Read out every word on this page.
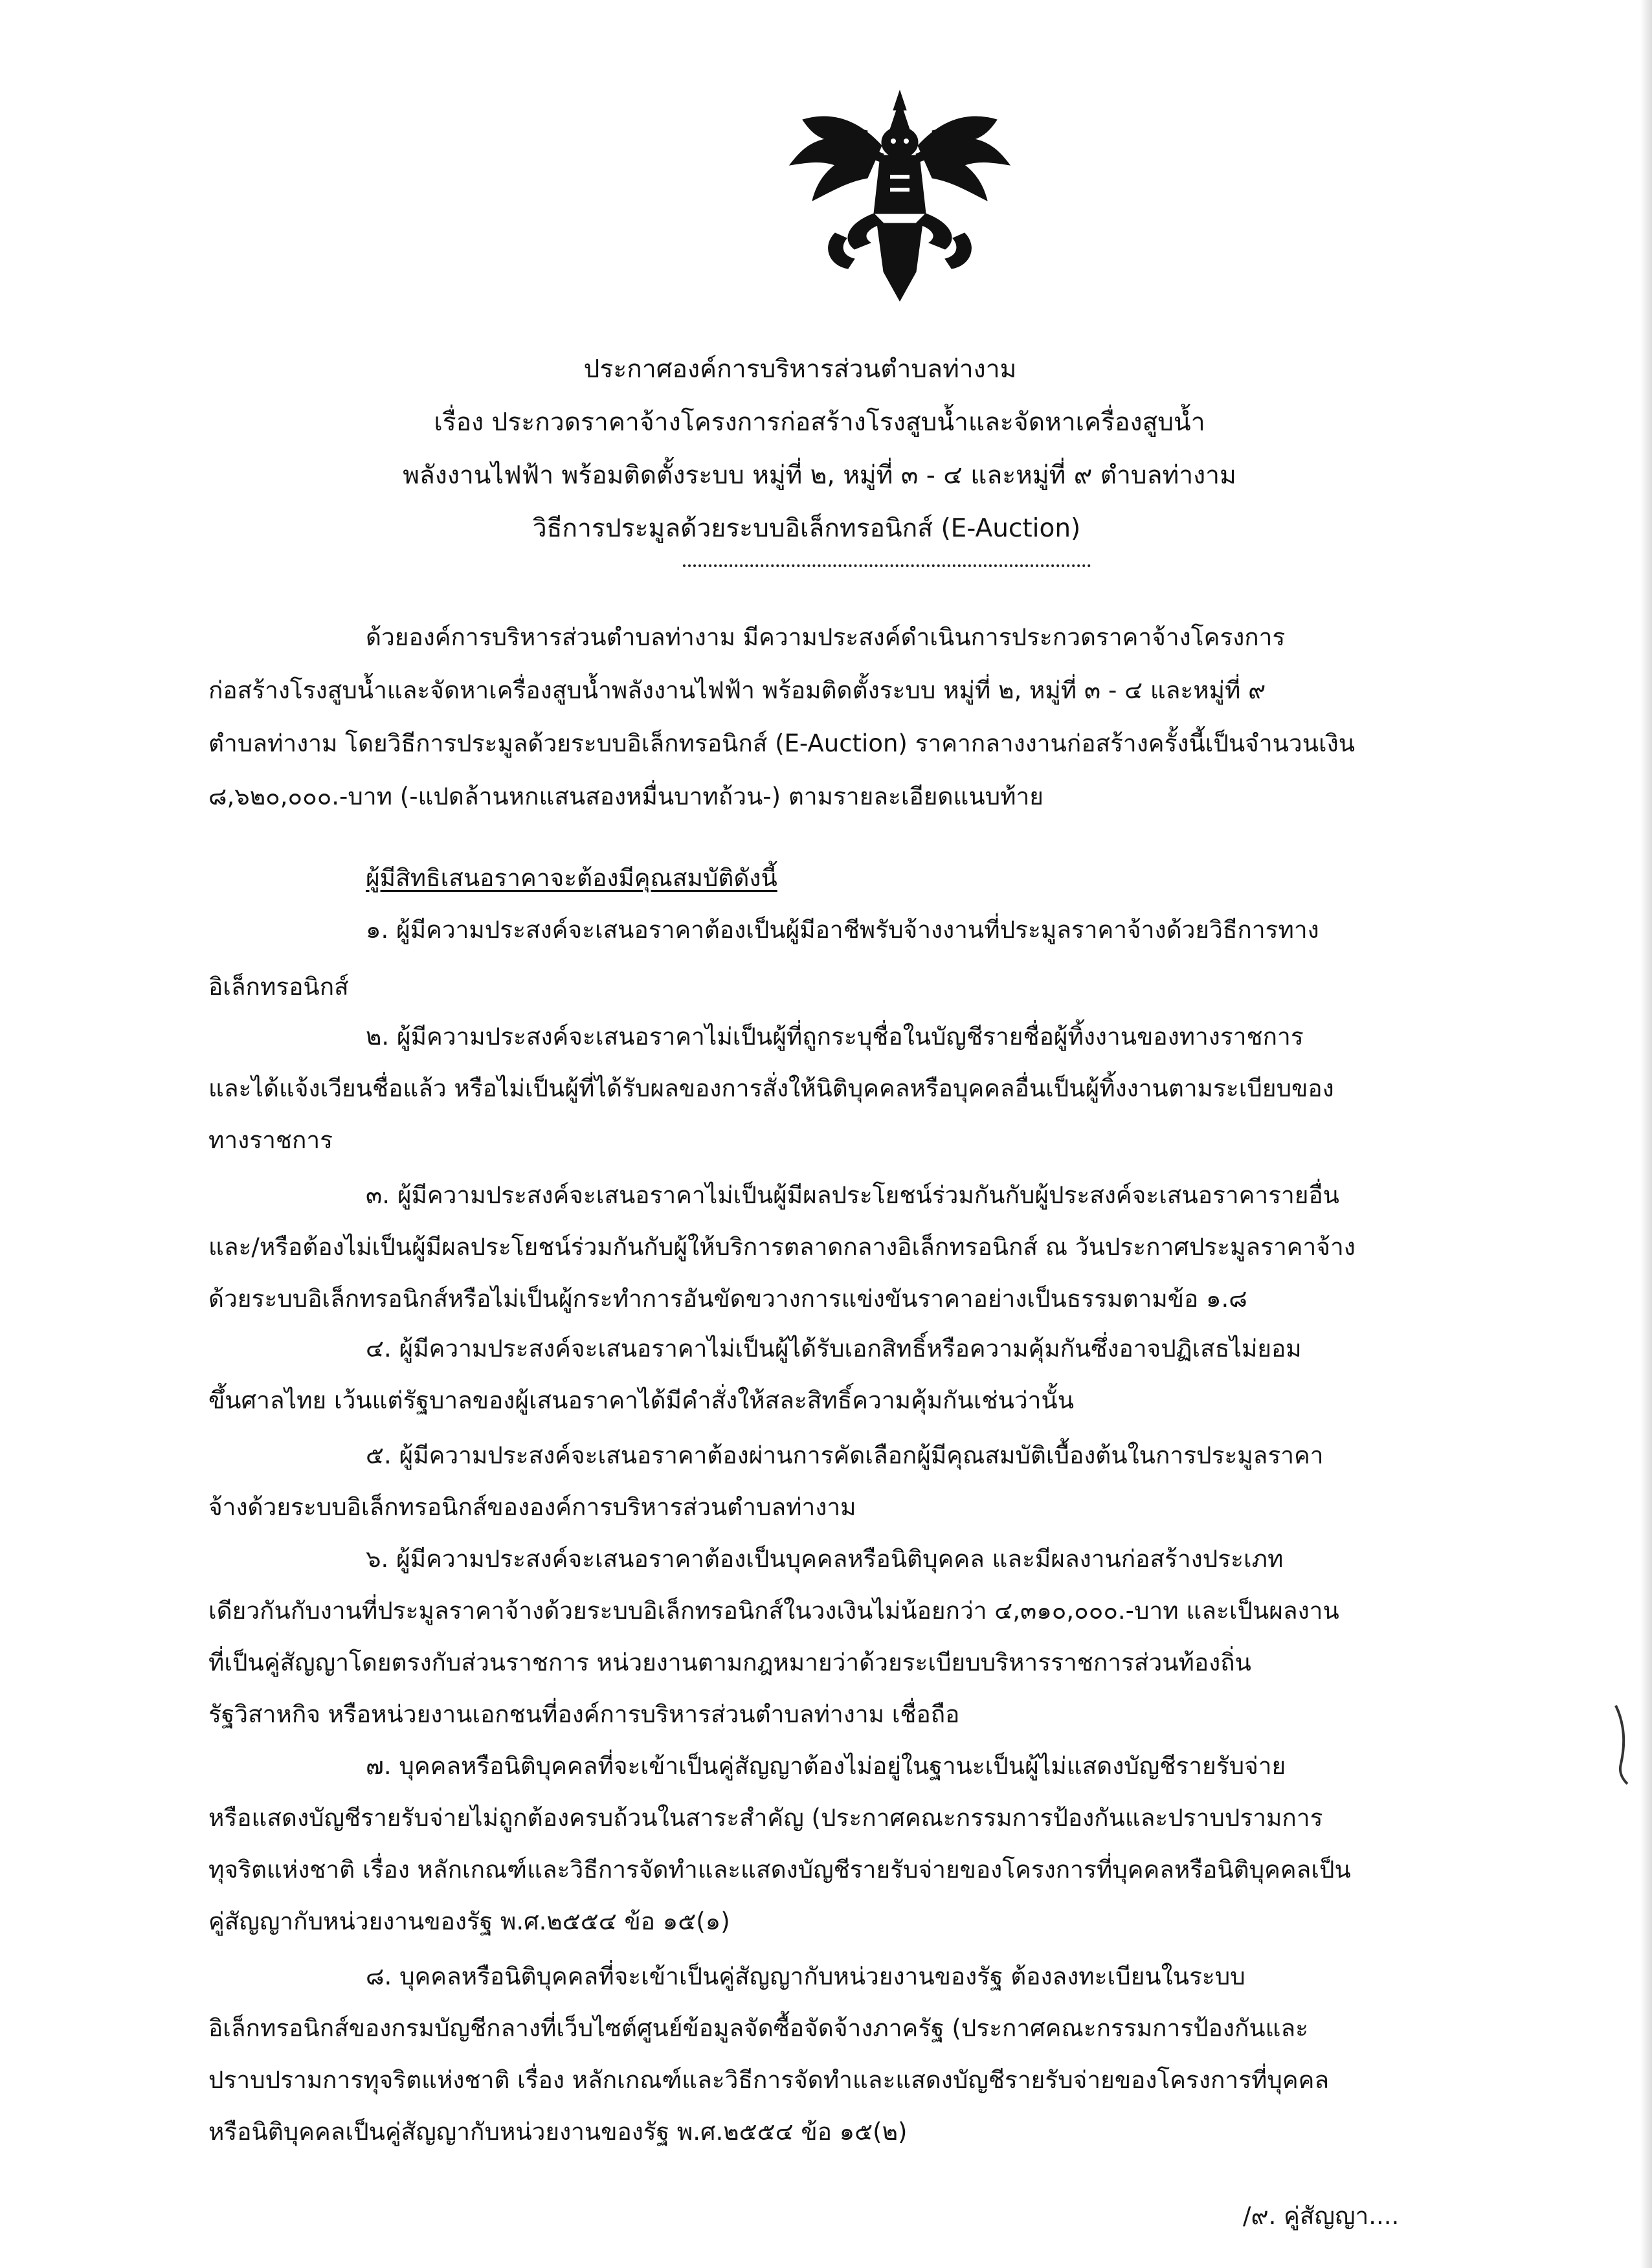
ประกาศองค์การบริหารส่วนตำบลท่างาม
เรื่อง ประกวดราคาจ้างโครงการก่อสร้างโรงสูบน้ำและจัดหาเครื่องสูบน้ำ
พลังงานไฟฟ้า พร้อมติดตั้งระบบ หมู่ที่ ๒, หมู่ที่ ๓ - ๔ และหมู่ที่ ๙ ตำบลท่างาม
วิธีการประมูลด้วยระบบอิเล็กทรอนิกส์ (E-Auction)
ด้วยองค์การบริหารส่วนตำบลท่างาม มีความประสงค์ดำเนินการประกวดราคาจ้างโครงการ
ก่อสร้างโรงสูบน้ำและจัดหาเครื่องสูบน้ำพลังงานไฟฟ้า พร้อมติดตั้งระบบ หมู่ที่ ๒, หมู่ที่ ๓ - ๔ และหมู่ที่ ๙
ตำบลท่างาม โดยวิธีการประมูลด้วยระบบอิเล็กทรอนิกส์ (E-Auction) ราคากลางงานก่อสร้างครั้งนี้เป็นจำนวนเงิน
๘,๖๒๐,๐๐๐.-บาท (-แปดล้านหกแสนสองหมื่นบาทถ้วน-) ตามรายละเอียดแนบท้าย
ผู้มีสิทธิเสนอราคาจะต้องมีคุณสมบัติดังนี้
๑. ผู้มีความประสงค์จะเสนอราคาต้องเป็นผู้มีอาชีพรับจ้างงานที่ประมูลราคาจ้างด้วยวิธีการทาง
อิเล็กทรอนิกส์
๒. ผู้มีความประสงค์จะเสนอราคาไม่เป็นผู้ที่ถูกระบุชื่อในบัญชีรายชื่อผู้ทิ้งงานของทางราชการ
และได้แจ้งเวียนชื่อแล้ว หรือไม่เป็นผู้ที่ได้รับผลของการสั่งให้นิติบุคคลหรือบุคคลอื่นเป็นผู้ทิ้งงานตามระเบียบของ
ทางราชการ
๓. ผู้มีความประสงค์จะเสนอราคาไม่เป็นผู้มีผลประโยชน์ร่วมกันกับผู้ประสงค์จะเสนอราคารายอื่น
และ/หรือต้องไม่เป็นผู้มีผลประโยชน์ร่วมกันกับผู้ให้บริการตลาดกลางอิเล็กทรอนิกส์ ณ วันประกาศประมูลราคาจ้าง
ด้วยระบบอิเล็กทรอนิกส์หรือไม่เป็นผู้กระทำการอันขัดขวางการแข่งขันราคาอย่างเป็นธรรมตามข้อ ๑.๘
๔. ผู้มีความประสงค์จะเสนอราคาไม่เป็นผู้ได้รับเอกสิทธิ์หรือความคุ้มกันซึ่งอาจปฏิเสธไม่ยอม
ขึ้นศาลไทย เว้นแต่รัฐบาลของผู้เสนอราคาได้มีคำสั่งให้สละสิทธิ์ความคุ้มกันเช่นว่านั้น
๕. ผู้มีความประสงค์จะเสนอราคาต้องผ่านการคัดเลือกผู้มีคุณสมบัติเบื้องต้นในการประมูลราคา
จ้างด้วยระบบอิเล็กทรอนิกส์ขององค์การบริหารส่วนตำบลท่างาม
๖. ผู้มีความประสงค์จะเสนอราคาต้องเป็นบุคคลหรือนิติบุคคล และมีผลงานก่อสร้างประเภท
เดียวกันกับงานที่ประมูลราคาจ้างด้วยระบบอิเล็กทรอนิกส์ในวงเงินไม่น้อยกว่า ๔,๓๑๐,๐๐๐.-บาท และเป็นผลงาน
ที่เป็นคู่สัญญาโดยตรงกับส่วนราชการ หน่วยงานตามกฎหมายว่าด้วยระเบียบบริหารราชการส่วนท้องถิ่น
รัฐวิสาหกิจ หรือหน่วยงานเอกชนที่องค์การบริหารส่วนตำบลท่างาม เชื่อถือ
๗. บุคคลหรือนิติบุคคลที่จะเข้าเป็นคู่สัญญาต้องไม่อยู่ในฐานะเป็นผู้ไม่แสดงบัญชีรายรับจ่าย
หรือแสดงบัญชีรายรับจ่ายไม่ถูกต้องครบถ้วนในสาระสำคัญ (ประกาศคณะกรรมการป้องกันและปราบปรามการ
ทุจริตแห่งชาติ เรื่อง หลักเกณฑ์และวิธีการจัดทำและแสดงบัญชีรายรับจ่ายของโครงการที่บุคคลหรือนิติบุคคลเป็น
คู่สัญญากับหน่วยงานของรัฐ พ.ศ.๒๕๕๔ ข้อ ๑๕(๑)
๘. บุคคลหรือนิติบุคคลที่จะเข้าเป็นคู่สัญญากับหน่วยงานของรัฐ ต้องลงทะเบียนในระบบ
อิเล็กทรอนิกส์ของกรมบัญชีกลางที่เว็บไซต์ศูนย์ข้อมูลจัดซื้อจัดจ้างภาครัฐ (ประกาศคณะกรรมการป้องกันและ
ปราบปรามการทุจริตแห่งชาติ เรื่อง หลักเกณฑ์และวิธีการจัดทำและแสดงบัญชีรายรับจ่ายของโครงการที่บุคคล
หรือนิติบุคคลเป็นคู่สัญญากับหน่วยงานของรัฐ พ.ศ.๒๕๕๔ ข้อ ๑๕(๒)
/๙. คู่สัญญา....
